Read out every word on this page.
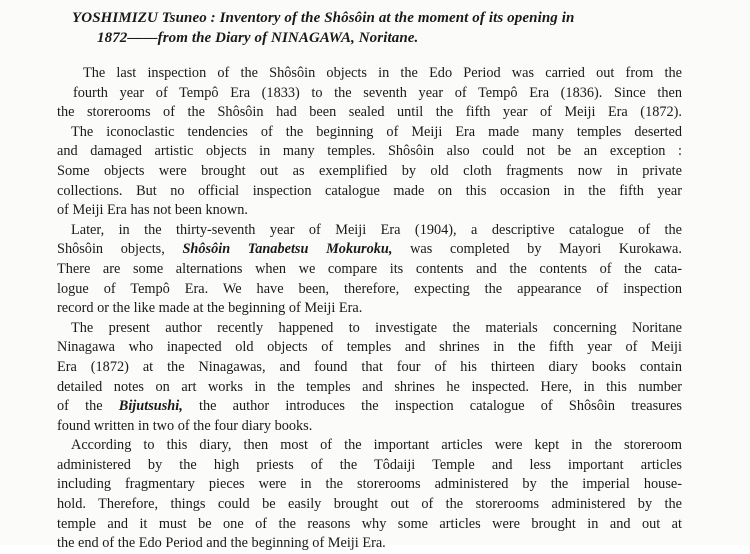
YOSHIMIZU Tsuneo : Inventory of the Shôsôin at the moment of its opening in
1872——from the Diary of NINAGAWA, Noritane.

The last inspection of the Shôsôin objects in the Edo Period was carried out from the
fourth year of Tempô Era (1833) to the seventh year of Tempô Era (1836). Since then
the storerooms of the Shôsôin had been sealed until the fifth year of Meiji Era (1872).

The iconoclastic tendencies of the beginning of Meiji Era made many temples deserted
and damaged artistic objects in many temples. Shôsôin also could not be an exception :
Some objects were brought out as exemplified by old cloth fragments now in private
collections. But no official inspection catalogue made on this occasion in the fifth year
of Meiji Era has not been known.

Later, in the thirty-seventh year of Meiji Era (1904), a descriptive catalogue of the
Shôsôin objects, Shôsôin Tanabetsu Mokuroku, was completed by Mayori Kurokawa.
There are some alternations when we compare its contents and the contents of the cata-
logue of Tempô Era. We have been, therefore, expecting the appearance of inspection
record or the like made at the beginning of Meiji Era.

The present author recently happened to investigate the materials concerning Noritane
Ninagawa who inapected old objects of temples and shrines in the fifth year of Meiji
Era (1872) at the Ninagawas, and found that four of his thirteen diary books contain
detailed notes on art works in the temples and shrines he inspected. Here, in this number
of the Bijutsushi, the author introduces the inspection catalogue of Shôsôin treasures
found written in two of the four diary books.

According to this diary, then most of the important articles were kept in the storeroom
administered by the high priests of the Tôdaiji Temple and less important articles
including fragmentary pieces were in the storerooms administered by the imperial house-
hold. Therefore, things could be easily brought out of the storerooms administered by the
temple and it must be one of the reasons why some articles were brought in and out at
the end of the Edo Period and the beginning of Meiji Era.
